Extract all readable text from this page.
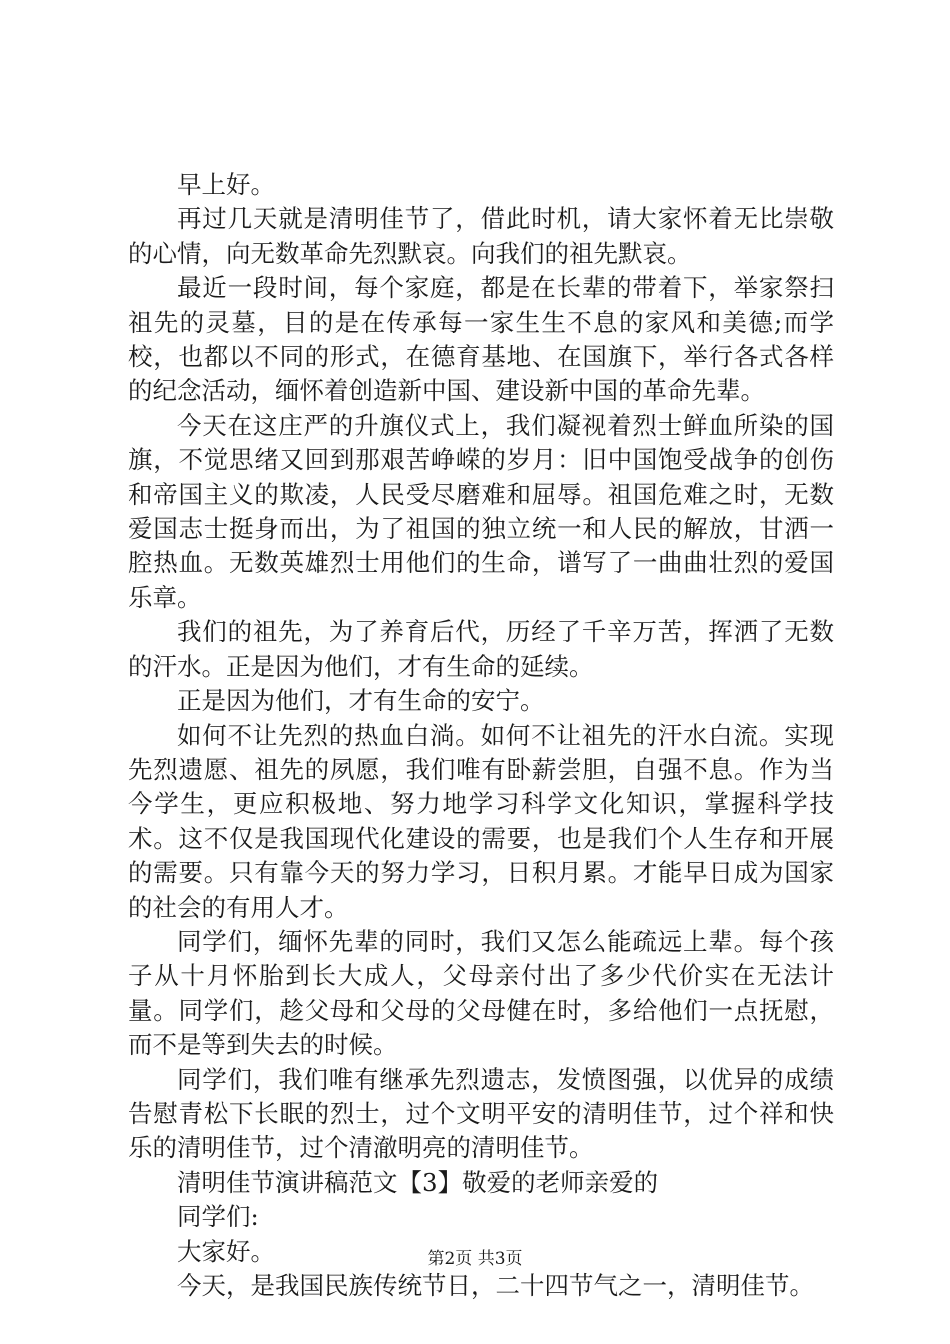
早上好。

再过几天就是清明佳节了，借此时机，请大家怀着无比崇敬的心情，向无数革命先烈默哀。向我们的祖先默哀。

最近一段时间，每个家庭，都是在长辈的带着下，举家祭扫祖先的灵墓，目的是在传承每一家生生不息的家风和美德;而学校，也都以不同的形式，在德育基地、在国旗下，举行各式各样的纪念活动，缅怀着创造新中国、建设新中国的革命先辈。

今天在这庄严的升旗仪式上，我们凝视着烈士鲜血所染的国旗，不觉思绪又回到那艰苦峥嵘的岁月：旧中国饱受战争的创伤和帝国主义的欺凌，人民受尽磨难和屈辱。祖国危难之时，无数爱国志士挺身而出，为了祖国的独立统一和人民的解放，甘洒一腔热血。无数英雄烈士用他们的生命，谱写了一曲曲壮烈的爱国乐章。

我们的祖先，为了养育后代，历经了千辛万苦，挥洒了无数的汗水。正是因为他们，才有生命的延续。

正是因为他们，才有生命的安宁。

如何不让先烈的热血白淌。如何不让祖先的汗水白流。实现先烈遗愿、祖先的夙愿，我们唯有卧薪尝胆，自强不息。作为当今学生，更应积极地、努力地学习科学文化知识，掌握科学技术。这不仅是我国现代化建设的需要，也是我们个人生存和开展的需要。只有靠今天的努力学习，日积月累。才能早日成为国家的社会的有用人才。

同学们，缅怀先辈的同时，我们又怎么能疏远上辈。每个孩子从十月怀胎到长大成人，父母亲付出了多少代价实在无法计量。同学们，趁父母和父母的父母健在时，多给他们一点抚慰，而不是等到失去的时候。

同学们，我们唯有继承先烈遗志，发愤图强，以优异的成绩告慰青松下长眠的烈士，过个文明平安的清明佳节，过个祥和快乐的清明佳节，过个清澈明亮的清明佳节。

清明佳节演讲稿范文【3】敬爱的老师亲爱的

同学们:

大家好。

今天，是我国民族传统节日，二十四节气之一，清明佳节。

第2页 共3页
